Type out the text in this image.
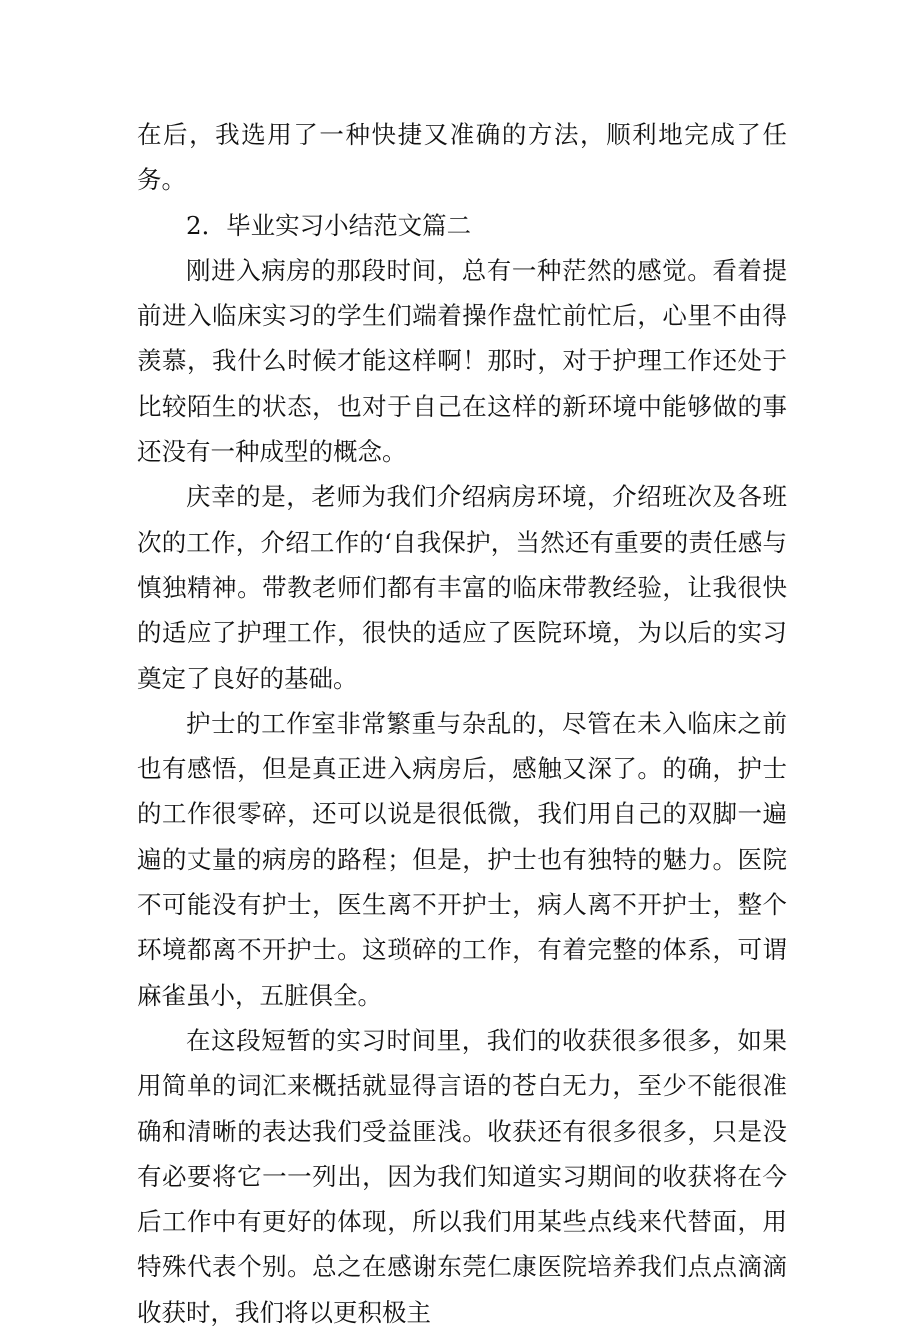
在后，我选用了一种快捷又准确的方法，顺利地完成了任务。

2．毕业实习小结范文篇二

刚进入病房的那段时间，总有一种茫然的感觉。看着提前进入临床实习的学生们端着操作盘忙前忙后，心里不由得羡慕，我什么时候才能这样啊！那时，对于护理工作还处于比较陌生的状态，也对于自己在这样的新环境中能够做的事还没有一种成型的概念。

庆幸的是，老师为我们介绍病房环境，介绍班次及各班次的工作，介绍工作的‘自我保护，当然还有重要的责任感与慎独精神。带教老师们都有丰富的临床带教经验，让我很快的适应了护理工作，很快的适应了医院环境，为以后的实习奠定了良好的基础。

护士的工作室非常繁重与杂乱的，尽管在未入临床之前也有感悟，但是真正进入病房后，感触又深了。的确，护士的工作很零碎，还可以说是很低微，我们用自己的双脚一遍遍的丈量的病房的路程；但是，护士也有独特的魅力。医院不可能没有护士，医生离不开护士，病人离不开护士，整个环境都离不开护士。这琐碎的工作，有着完整的体系，可谓麻雀虽小，五脏俱全。

在这段短暂的实习时间里，我们的收获很多很多，如果用简单的词汇来概括就显得言语的苍白无力，至少不能很准确和清晰的表达我们受益匪浅。收获还有很多很多，只是没有必要将它一一列出，因为我们知道实习期间的收获将在今后工作中有更好的体现，所以我们用某些点线来代替面，用特殊代表个别。总之在感谢东莞仁康医院培养我们点点滴滴收获时，我们将以更积极主
